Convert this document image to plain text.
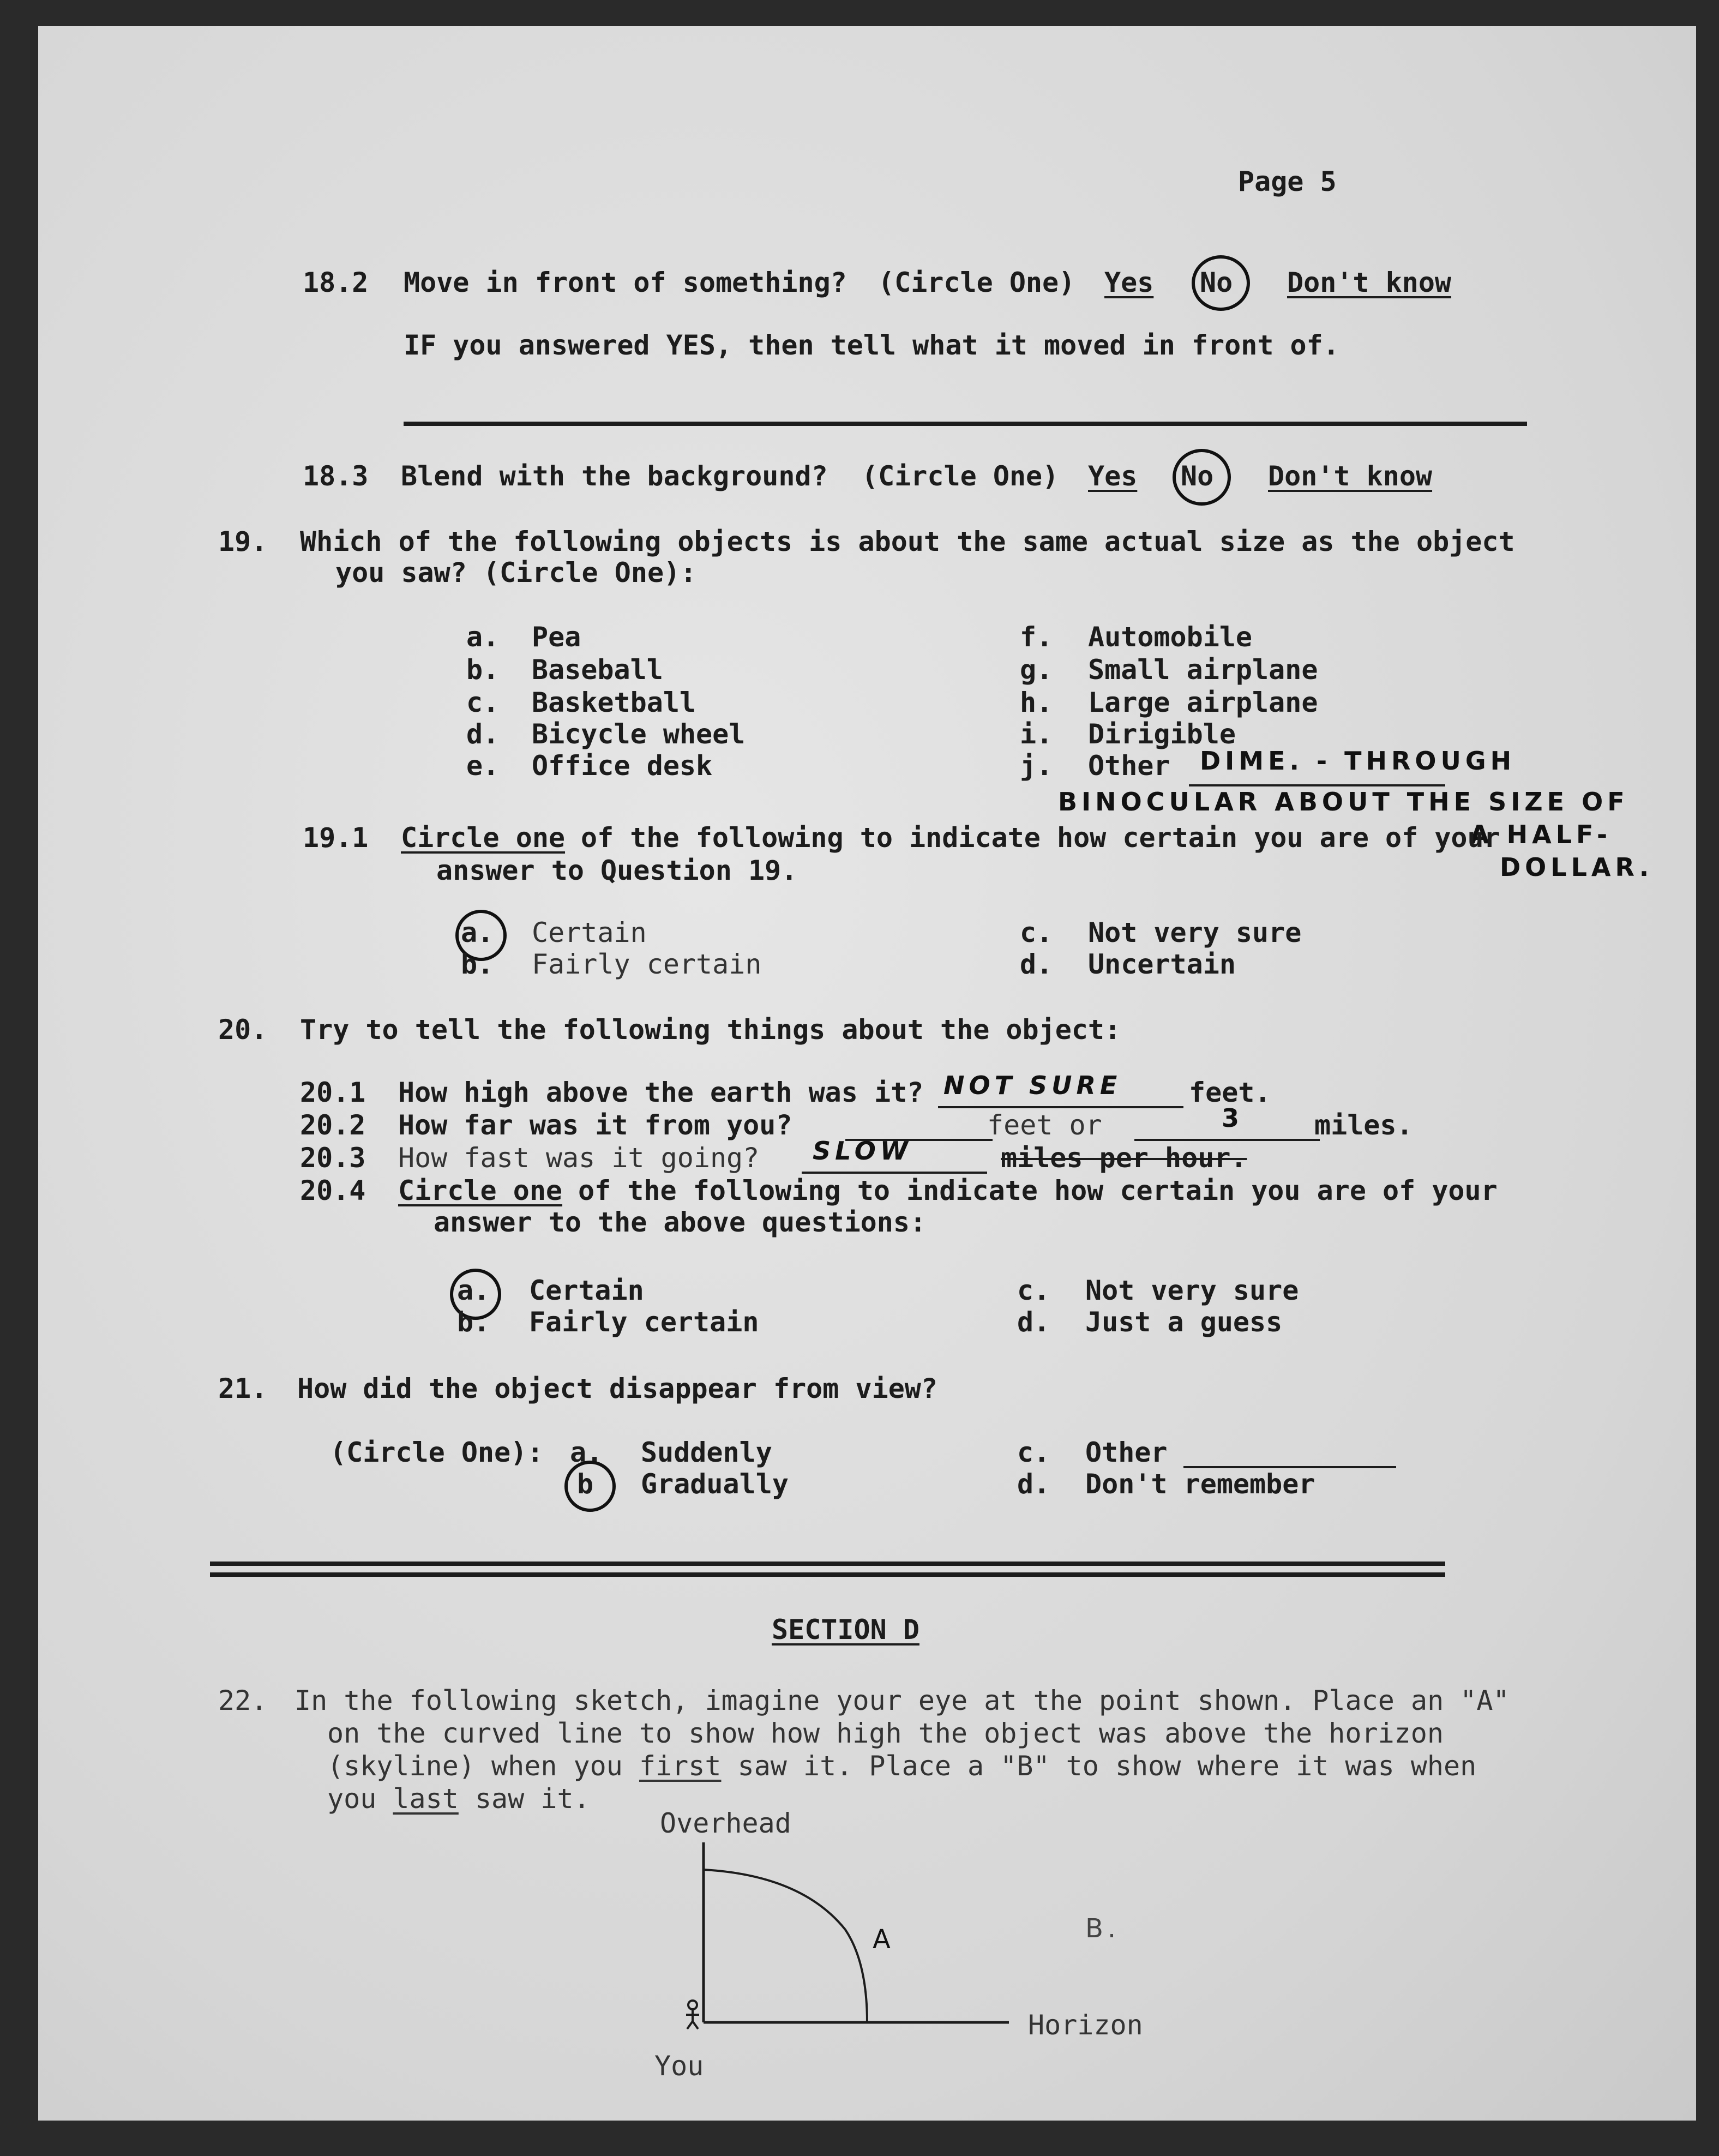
Page 5
18.2 Move in front of something? (Circle One) Yes No Don't know
IF you answered YES, then tell what it moved in front of.
18.3 Blend with the background? (Circle One) Yes No Don't know
19. Which of the following objects is about the same actual size as the object
you saw? (Circle One):
a. Pea
b. Baseball
c. Basketball
d. Bicycle wheel
e. Office desk
f. Automobile
g. Small airplane
h. Large airplane
i. Dirigible
j. Other DIME. - THROUGH
BINOCULAR ABOUT THE SIZE OF
A HALF-
DOLLAR.
19.1 Circle one of the following to indicate how certain you are of your
answer to Question 19.
a. Certain
b. Fairly certain
c. Not very sure
d. Uncertain
20. Try to tell the following things about the object:
20.1 How high above the earth was it? NOT SURE feet.
20.2 How far was it from you?	feet or	3	miles.
20.3 How fast was it going? SLOW	miles per hour.
20.4 Circle one of the following to indicate how certain you are of your
answer to the above questions:
a. Certain
b. Fairly certain
c. Not very sure
d. Just a guess
21. How did the object disappear from view?
(Circle One): a. Suddenly
b Gradually
c. Other
d. Don't remember
SECTION D
22. In the following sketch, imagine your eye at the point shown. Place an "A"
on the curved line to show how high the object was above the horizon
(skyline) when you first saw it. Place a "B" to show where it was when
you last saw it.
Overhead
A	B.
Horizon
You
